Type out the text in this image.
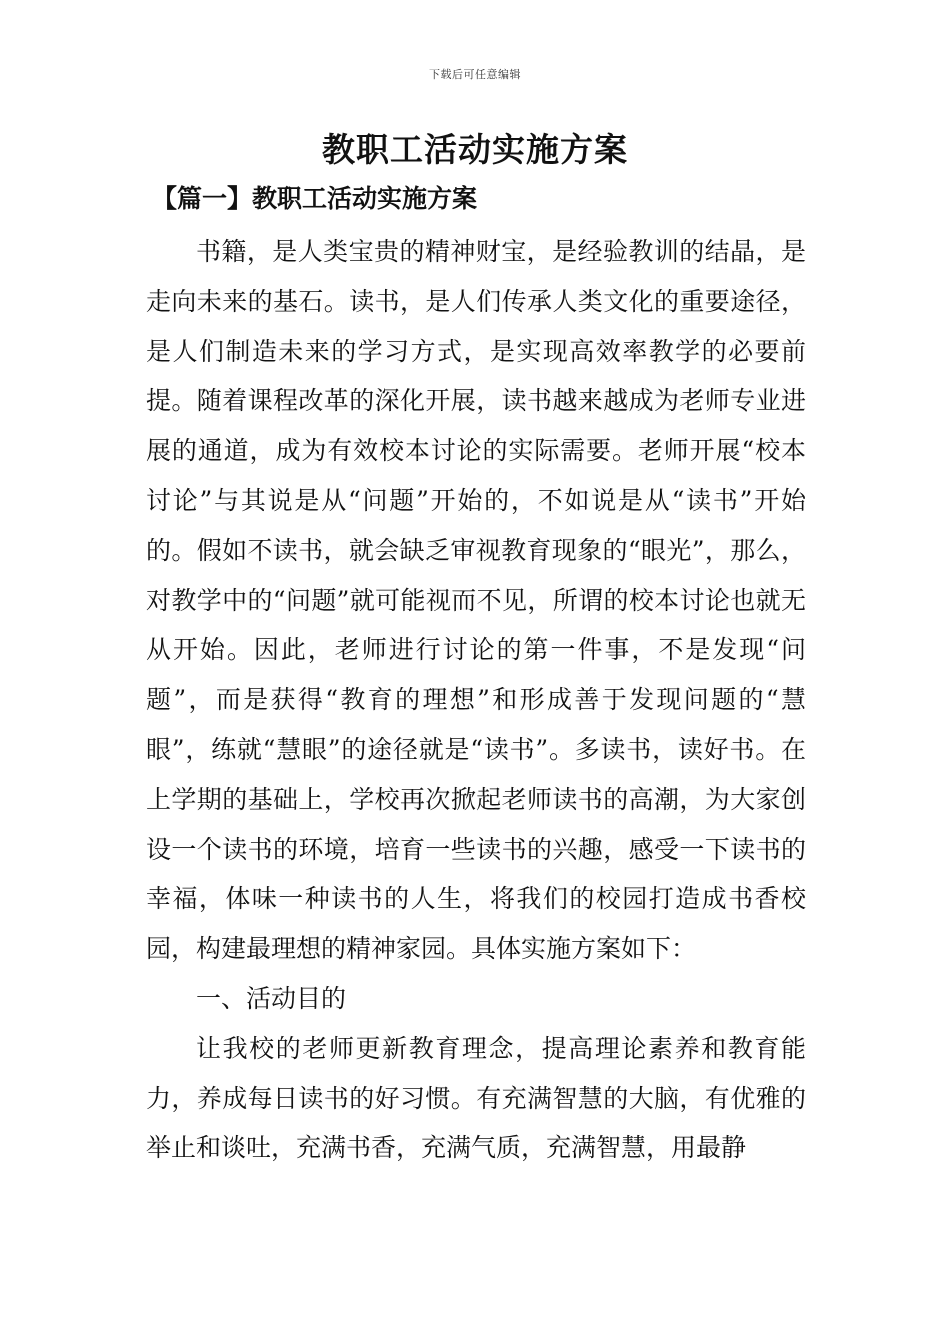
下载后可任意编辑
教职工活动实施方案
【篇一】教职工活动实施方案

书籍，是人类宝贵的精神财宝，是经验教训的结晶，是走向未来的基石。读书，是人们传承人类文化的重要途径，是人们制造未来的学习方式，是实现高效率教学的必要前提。随着课程改革的深化开展，读书越来越成为老师专业进展的通道，成为有效校本讨论的实际需要。老师开展“校本讨论”与其说是从“问题”开始的，不如说是从“读书”开始的。假如不读书，就会缺乏审视教育现象的“眼光”，那么，对教学中的“问题”就可能视而不见，所谓的校本讨论也就无从开始。因此，老师进行讨论的第一件事，不是发现“问题”，而是获得“教育的理想”和形成善于发现问题的“慧眼”，练就“慧眼”的途径就是“读书”。多读书，读好书。在上学期的基础上，学校再次掀起老师读书的高潮，为大家创设一个读书的环境，培育一些读书的兴趣，感受一下读书的幸福，体味一种读书的人生，将我们的校园打造成书香校园，构建最理想的精神家园。具体实施方案如下：

一、活动目的

让我校的老师更新教育理念，提高理论素养和教育能力，养成每日读书的好习惯。有充满智慧的大脑，有优雅的举止和谈吐，充满书香，充满气质，充满智慧，用最静
